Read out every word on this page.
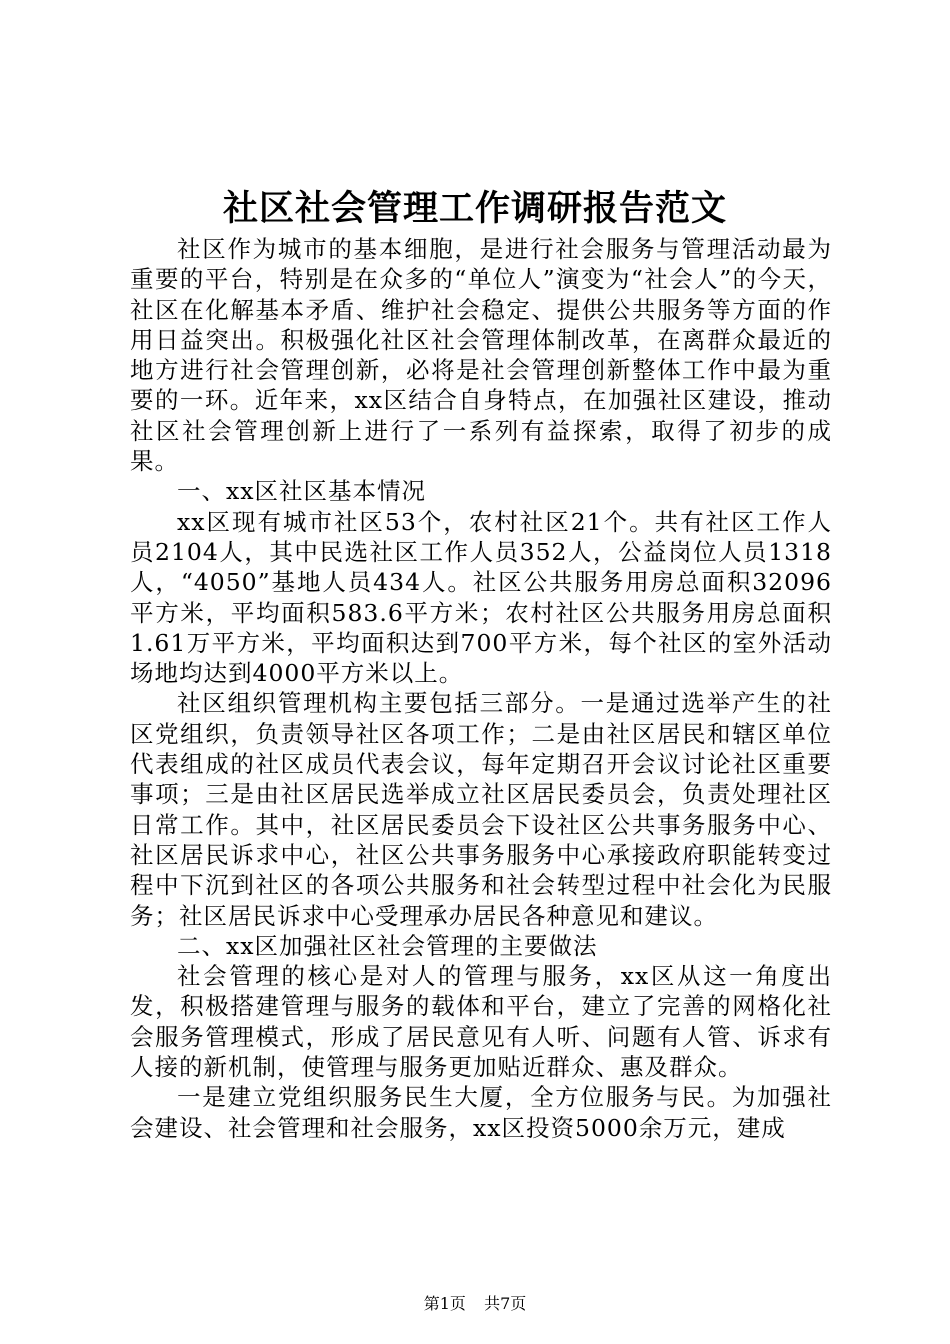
社区社会管理工作调研报告范文

社区作为城市的基本细胞，是进行社会服务与管理活动最为重要的平台，特别是在众多的“单位人”演变为“社会人”的今天，社区在化解基本矛盾、维护社会稳定、提供公共服务等方面的作用日益突出。积极强化社区社会管理体制改革，在离群众最近的地方进行社会管理创新，必将是社会管理创新整体工作中最为重要的一环。近年来，xx区结合自身特点，在加强社区建设，推动社区社会管理创新上进行了一系列有益探索，取得了初步的成果。

一、xx区社区基本情况

xx区现有城市社区53个，农村社区21个。共有社区工作人员2104人，其中民选社区工作人员352人，公益岗位人员1318人，“4050”基地人员434人。社区公共服务用房总面积32096平方米，平均面积583.6平方米；农村社区公共服务用房总面积1.61万平方米，平均面积达到700平方米，每个社区的室外活动场地均达到4000平方米以上。

社区组织管理机构主要包括三部分。一是通过选举产生的社区党组织，负责领导社区各项工作；二是由社区居民和辖区单位代表组成的社区成员代表会议，每年定期召开会议讨论社区重要事项；三是由社区居民选举成立社区居民委员会，负责处理社区日常工作。其中，社区居民委员会下设社区公共事务服务中心、社区居民诉求中心，社区公共事务服务中心承接政府职能转变过程中下沉到社区的各项公共服务和社会转型过程中社会化为民服务；社区居民诉求中心受理承办居民各种意见和建议。

二、xx区加强社区社会管理的主要做法

社会管理的核心是对人的管理与服务，xx区从这一角度出发，积极搭建管理与服务的载体和平台，建立了完善的网格化社会服务管理模式，形成了居民意见有人听、问题有人管、诉求有人接的新机制，使管理与服务更加贴近群众、惠及群众。

一是建立党组织服务民生大厦，全方位服务与民。为加强社会建设、社会管理和社会服务，xx区投资5000余万元，建成

第1页 共7页
